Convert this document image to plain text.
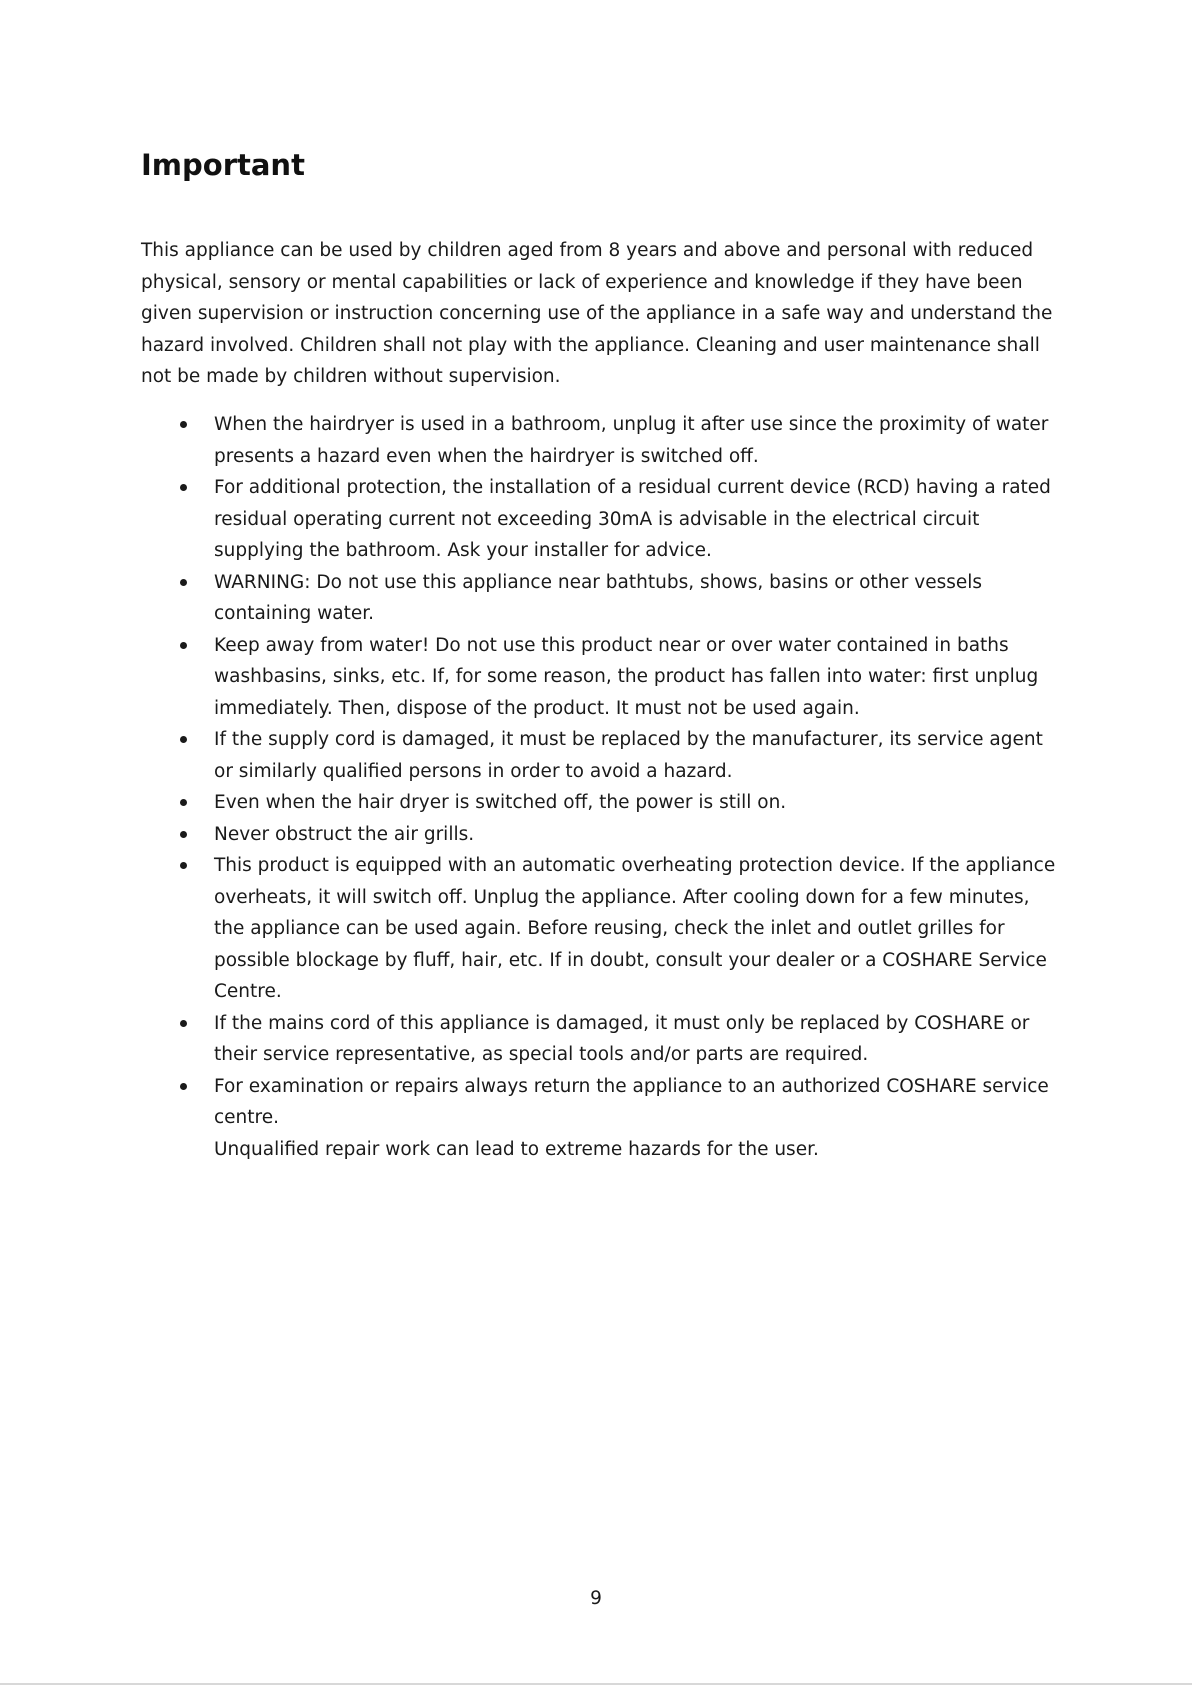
Important

This appliance can be used by children aged from 8 years and above and personal with reduced physical, sensory or mental capabilities or lack of experience and knowledge if they have been given supervision or instruction concerning use of the appliance in a safe way and understand the hazard involved. Children shall not play with the appliance. Cleaning and user maintenance shall not be made by children without supervision.

When the hairdryer is used in a bathroom, unplug it after use since the proximity of water presents a hazard even when the hairdryer is switched off.
For additional protection, the installation of a residual current device (RCD) having a rated residual operating current not exceeding 30mA is advisable in the electrical circuit supplying the bathroom. Ask your installer for advice.
WARNING: Do not use this appliance near bathtubs, shows, basins or other vessels containing water.
Keep away from water! Do not use this product near or over water contained in baths washbasins, sinks, etc. If, for some reason, the product has fallen into water: first unplug immediately. Then, dispose of the product. It must not be used again.
If the supply cord is damaged, it must be replaced by the manufacturer, its service agent or similarly qualified persons in order to avoid a hazard.
Even when the hair dryer is switched off, the power is still on.
Never obstruct the air grills.
This product is equipped with an automatic overheating protection device. If the appliance overheats, it will switch off. Unplug the appliance. After cooling down for a few minutes, the appliance can be used again. Before reusing, check the inlet and outlet grilles for possible blockage by fluff, hair, etc. If in doubt, consult your dealer or a COSHARE Service Centre.
If the mains cord of this appliance is damaged, it must only be replaced by COSHARE or their service representative, as special tools and/or parts are required.
For examination or repairs always return the appliance to an authorized COSHARE service centre.
Unqualified repair work can lead to extreme hazards for the user.
9
